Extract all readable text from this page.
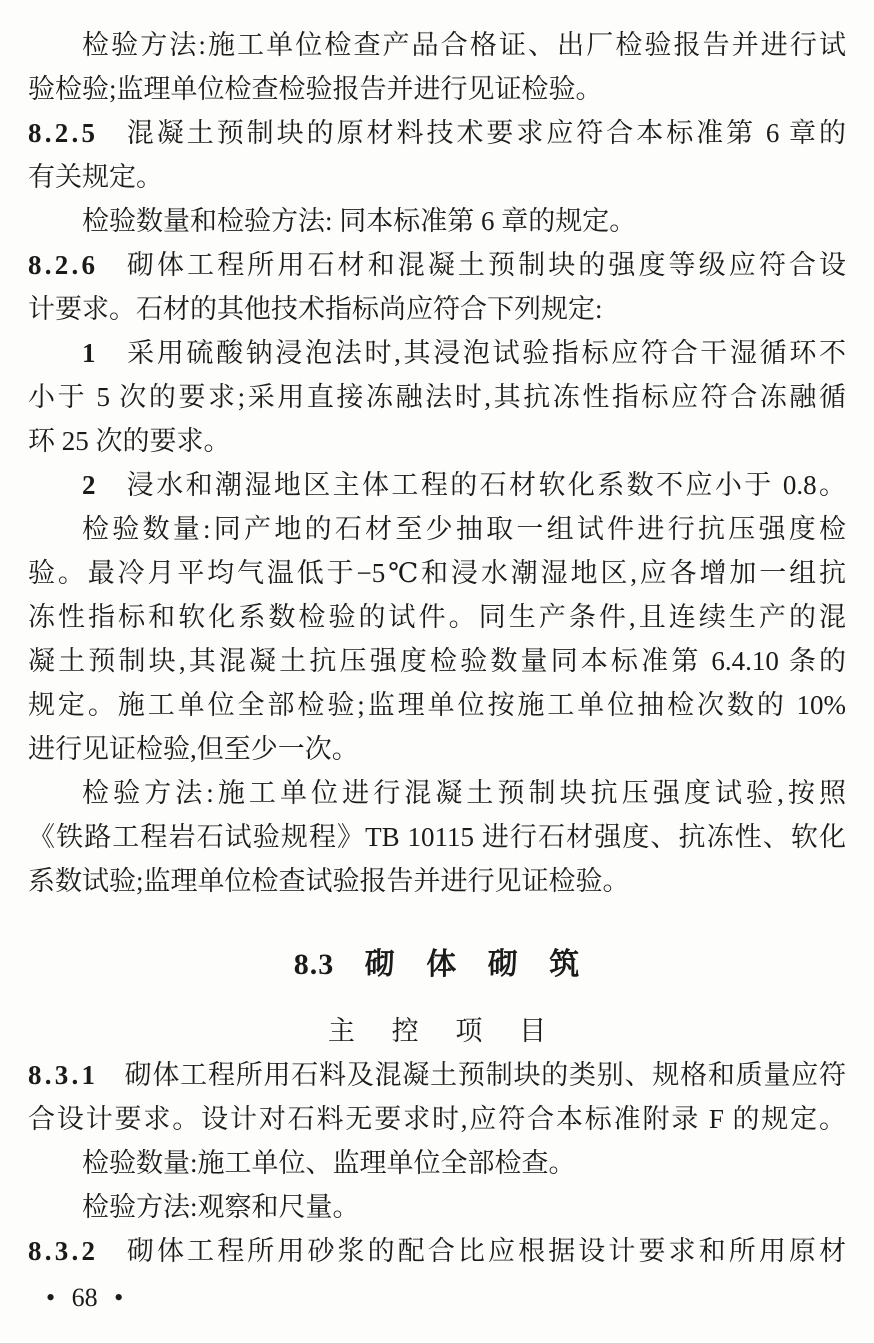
检验方法:施工单位检查产品合格证、出厂检验报告并进行试
验检验;监理单位检查检验报告并进行见证检验。
8.2.5 混凝土预制块的原材料技术要求应符合本标准第 6 章的
有关规定。
检验数量和检验方法: 同本标准第 6 章的规定。
8.2.6 砌体工程所用石材和混凝土预制块的强度等级应符合设
计要求。石材的其他技术指标尚应符合下列规定:
1 采用硫酸钠浸泡法时,其浸泡试验指标应符合干湿循环不
小于 5 次的要求;采用直接冻融法时,其抗冻性指标应符合冻融循
环 25 次的要求。
2 浸水和潮湿地区主体工程的石材软化系数不应小于 0.8。
检验数量:同产地的石材至少抽取一组试件进行抗压强度检
验。最冷月平均气温低于−5℃和浸水潮湿地区,应各增加一组抗
冻性指标和软化系数检验的试件。同生产条件,且连续生产的混
凝土预制块,其混凝土抗压强度检验数量同本标准第 6.4.10 条的
规定。施工单位全部检验;监理单位按施工单位抽检次数的 10%
进行见证检验,但至少一次。
检验方法:施工单位进行混凝土预制块抗压强度试验,按照
《铁路工程岩石试验规程》TB 10115 进行石材强度、抗冻性、软化
系数试验;监理单位检查试验报告并进行见证检验。
8.3 砌 体 砌 筑
主 控 项 目
8.3.1 砌体工程所用石料及混凝土预制块的类别、规格和质量应符
合设计要求。设计对石料无要求时,应符合本标准附录 F 的规定。
检验数量:施工单位、监理单位全部检查。
检验方法:观察和尺量。
8.3.2 砌体工程所用砂浆的配合比应根据设计要求和所用原材
• 68 •
